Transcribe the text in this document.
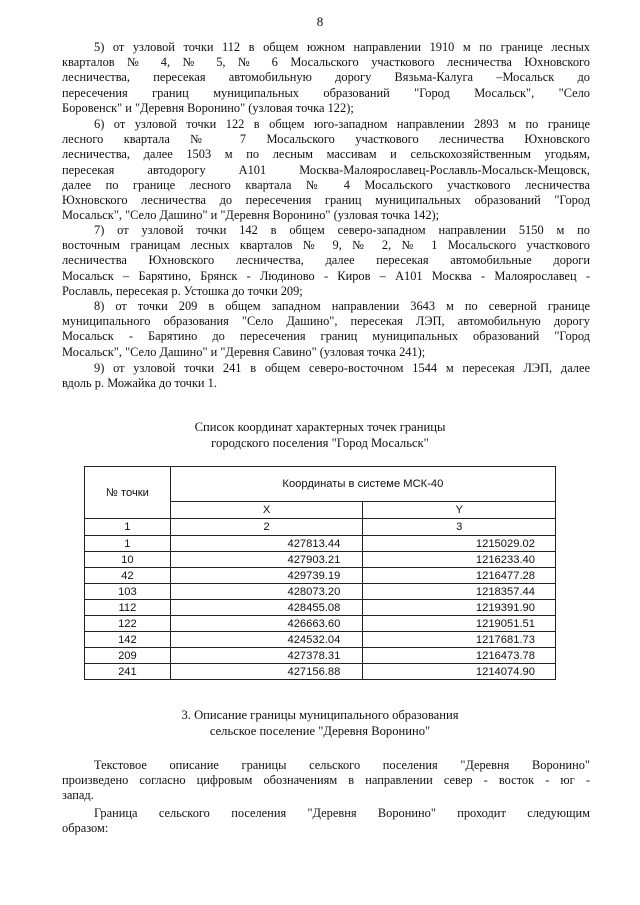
8

5) от узловой точки 112 в общем южном направлении 1910 м по границе лесных
кварталов № 4, № 5, № 6 Мосальского участкового лесничества Юхновского
лесничества, пересекая автомобильную дорогу Вязьма-Калуга –Мосальск до
пересечения границ муниципальных образований "Город Мосальск", "Село
Боровенск" и "Деревня Воронино" (узловая точка 122);

6) от узловой точки 122 в общем юго-западном направлении 2893 м по границе
лесного квартала № 7 Мосальского участкового лесничества Юхновского
лесничества, далее 1503 м по лесным массивам и сельскохозяйственным угодьям,
пересекая автодорогу А101 Москва-Малоярославец-Рославль-Мосальск-Мещовск,
далее по границе лесного квартала № 4 Мосальского участкового лесничества
Юхновского лесничества до пересечения границ муниципальных образований "Город
Мосальск", "Село Дашино" и "Деревня Воронино" (узловая точка 142);

7) от узловой точки 142 в общем северо-западном направлении 5150 м по
восточным границам лесных кварталов № 9, № 2, № 1 Мосальского участкового
лесничества Юхновского лесничества, далее пересекая автомобильные дороги
Мосальск – Барятино, Брянск - Людиново - Киров – А101 Москва - Малоярославец -
Рославль, пересекая р. Устошка до точки 209;

8) от точки 209 в общем западном направлении 3643 м по северной границе
муниципального образования "Село Дашино", пересекая ЛЭП, автомобильную дорогу
Мосальск - Барятино до пересечения границ муниципальных образований "Город
Мосальск", "Село Дашино" и "Деревня Савино" (узловая точка 241);

9) от узловой точки 241 в общем северо-восточном 1544 м пересекая ЛЭП, далее
вдоль р. Можайка до точки 1.

Список координат характерных точек границы
городского поселения "Город Мосальск"

№ точки	Координаты в системе МСК-40	
	X	Y
1	2	3
1	427813.44	1215029.02
10	427903.21	1216233.40
42	429739.19	1216477.28
103	428073.20	1218357.44
112	428455.08	1219391.90
122	426663.60	1219051.51
142	424532.04	1217681.73
209	427378.31	1216473.78
241	427156.88	1214074.90

3. Описание границы муниципального образования
сельское поселение "Деревня Воронино"

Текстовое описание границы сельского поселения "Деревня Воронино"
произведено согласно цифровым обозначениям в направлении север - восток - юг -
запад.

Граница сельского поселения "Деревня Воронино" проходит следующим
образом:
